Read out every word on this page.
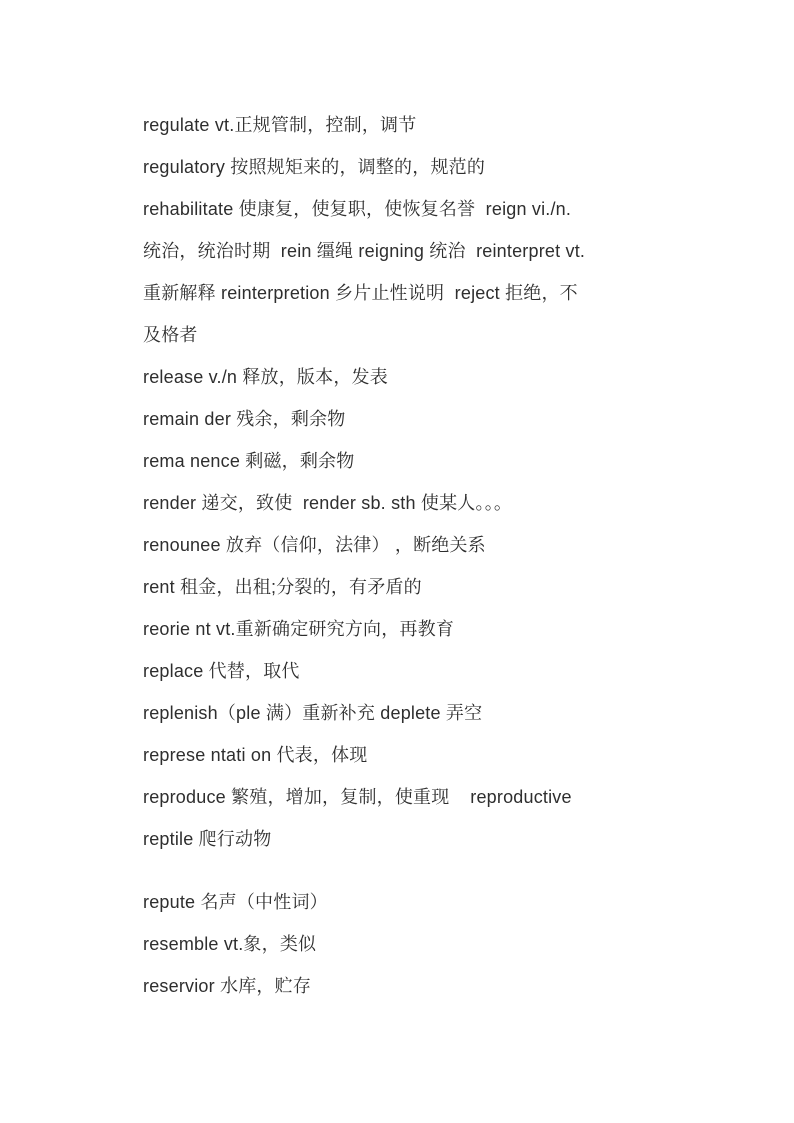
regulate vt.正规管制，控制，调节
regulatory 按照规矩来的，调整的，规范的
rehabilitate 使康复，使复职，使恢复名誉  reign vi./n.
统治，统治时期  rein 缰绳 reigning 统治  reinterpret vt.
重新解释 reinterpretion 乡片止性说明  reject 拒绝，不
及格者
release v./n 释放，版本，发表
remain der 残余，剩余物
rema nence 剩磁，剩余物
render 递交，致使  render sb. sth 使某人。。。
renounee 放弃（信仰，法律） ，断绝关系
rent 租金，出租;分裂的，有矛盾的
reorie nt vt.重新确定研究方向，再教育
replace 代替，取代
replenish（ple 满）重新补充 deplete 弄空
represe ntati on 代表，体现
reproduce 繁殖，增加，复制，使重现    reproductive
reptile 爬行动物
repute 名声（中性词）
resemble vt.象，类似
reservior 水库，贮存
